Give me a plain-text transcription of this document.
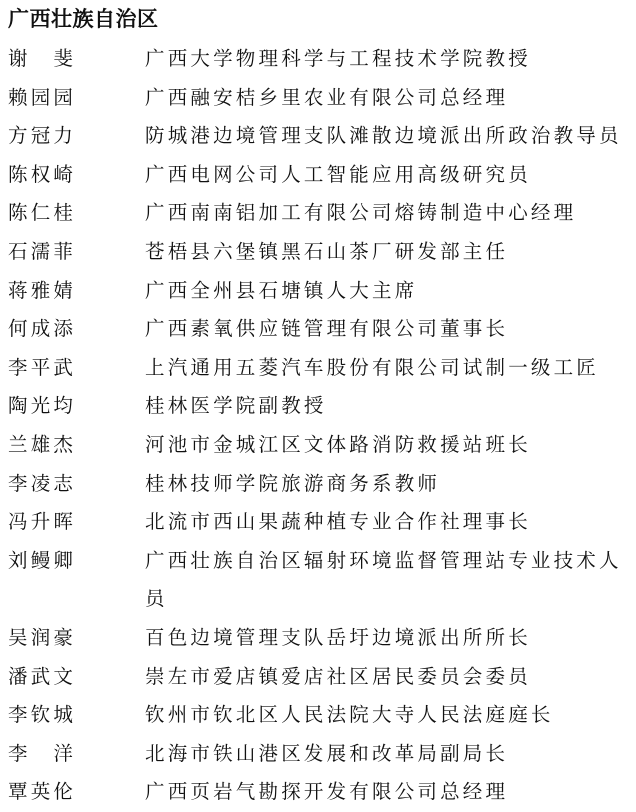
广西壮族自治区
谢　斐	广西大学物理科学与工程技术学院教授
赖园园	广西融安桔乡里农业有限公司总经理
方冠力	防城港边境管理支队滩散边境派出所政治教导员
陈权崎	广西电网公司人工智能应用高级研究员
陈仁桂	广西南南铝加工有限公司熔铸制造中心经理
石濡菲	苍梧县六堡镇黑石山茶厂研发部主任
蒋雅婧	广西全州县石塘镇人大主席
何成添	广西素氧供应链管理有限公司董事长
李平武	上汽通用五菱汽车股份有限公司试制一级工匠
陶光均	桂林医学院副教授
兰雄杰	河池市金城江区文体路消防救援站班长
李凌志	桂林技师学院旅游商务系教师
冯升晖	北流市西山果蔬种植专业合作社理事长
刘鳗卿	广西壮族自治区辐射环境监督管理站专业技术人员
吴润豪	百色边境管理支队岳圩边境派出所所长
潘武文	崇左市爱店镇爱店社区居民委员会委员
李钦城	钦州市钦北区人民法院大寺人民法庭庭长
李　洋	北海市铁山港区发展和改革局副局长
覃英伦	广西页岩气勘探开发有限公司总经理
